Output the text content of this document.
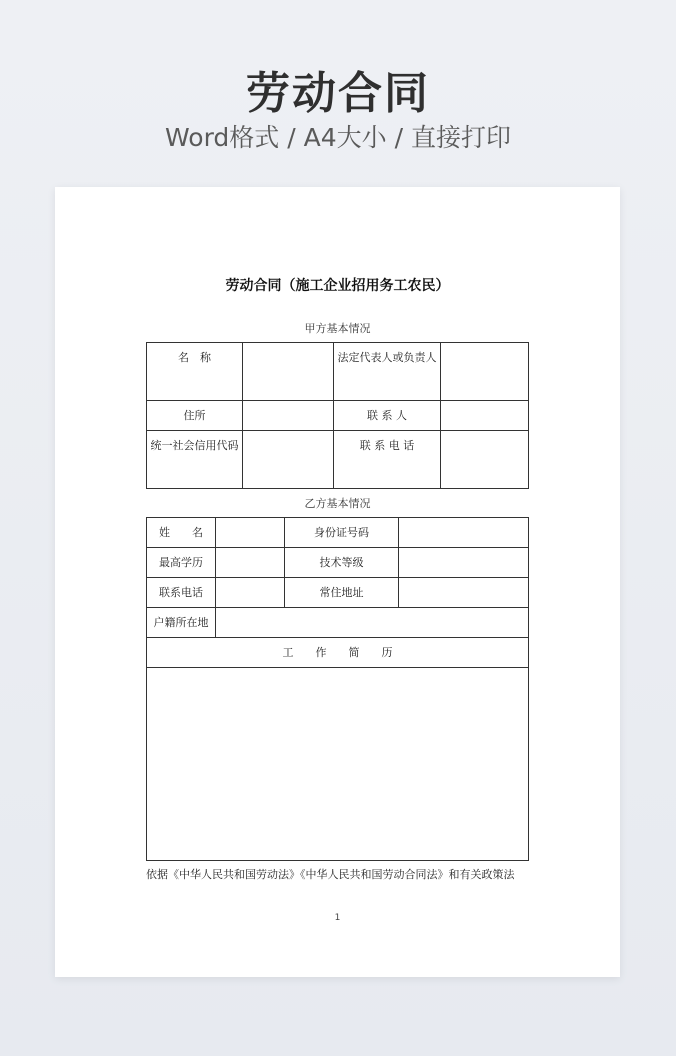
劳动合同
Word格式 / A4大小 / 直接打印
劳动合同（施工企业招用务工农民）
甲方基本情况
名　称		法定代表人或负责人	
住所		联 系 人	
统一社会信用代码		联 系 电 话	
乙方基本情况
姓　　名		身份证号码	
最高学历		技术等级	
联系电话		常住地址	
户籍所在地			
工　　作　　简　　历			

依据《中华人民共和国劳动法》《中华人民共和国劳动合同法》和有关政策法
1
